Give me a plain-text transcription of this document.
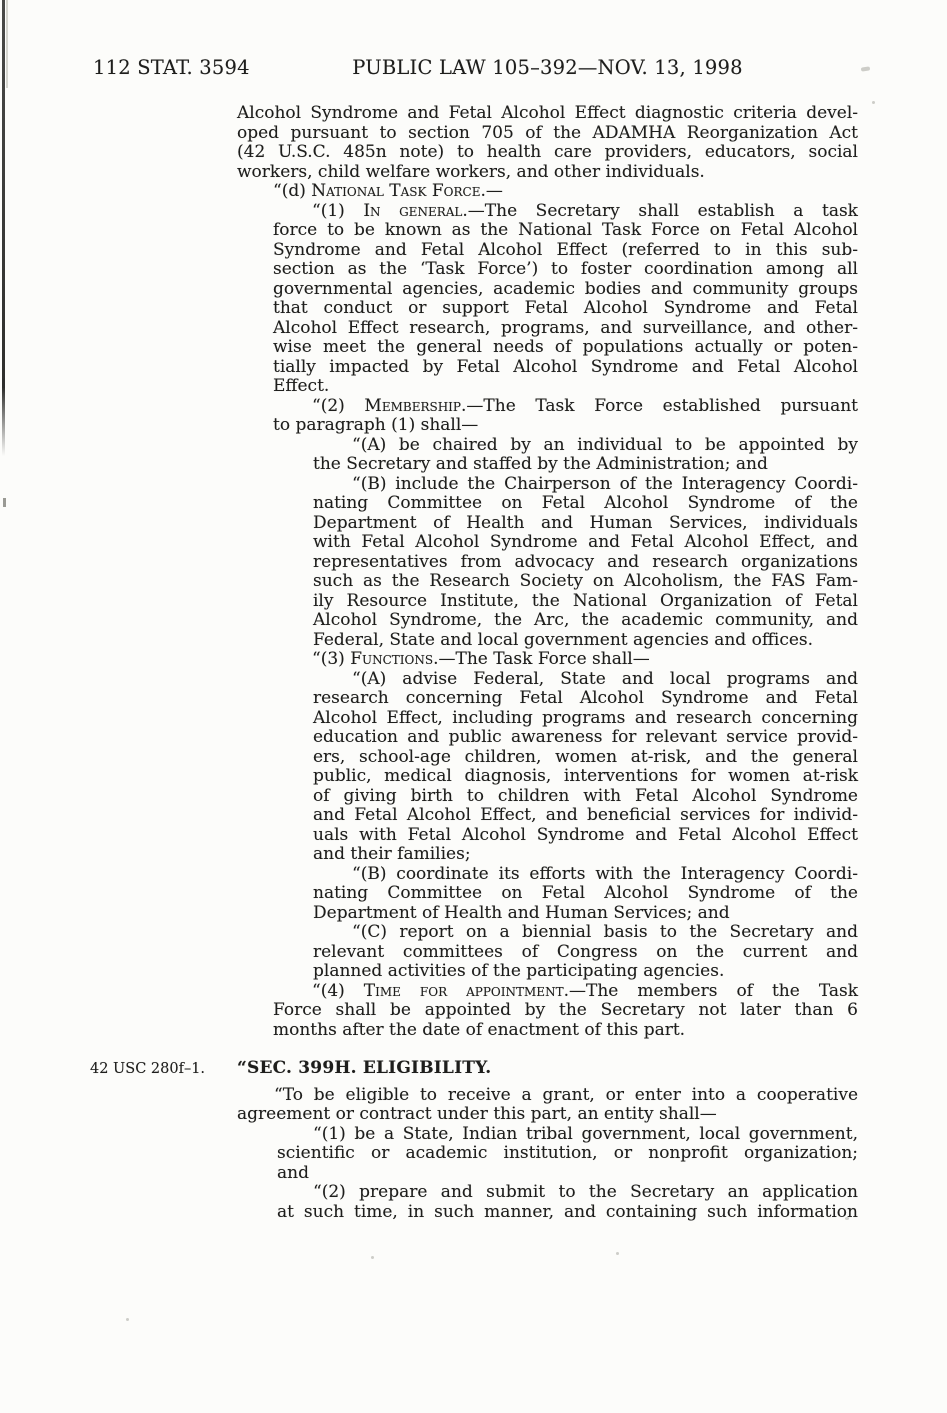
112 STAT. 3594	PUBLIC LAW 105–392—NOV. 13, 1998
Alcohol Syndrome and Fetal Alcohol Effect diagnostic criteria devel-
oped pursuant to section 705 of the ADAMHA Reorganization Act
(42 U.S.C. 485n note) to health care providers, educators, social
workers, child welfare workers, and other individuals.
“(d) National Task Force.—
“(1) In general.—The Secretary shall establish a task
force to be known as the National Task Force on Fetal Alcohol
Syndrome and Fetal Alcohol Effect (referred to in this sub-
section as the ‘Task Force’) to foster coordination among all
governmental agencies, academic bodies and community groups
that conduct or support Fetal Alcohol Syndrome and Fetal
Alcohol Effect research, programs, and surveillance, and other-
wise meet the general needs of populations actually or poten-
tially impacted by Fetal Alcohol Syndrome and Fetal Alcohol
Effect.
“(2) Membership.—The Task Force established pursuant
to paragraph (1) shall—
“(A) be chaired by an individual to be appointed by
the Secretary and staffed by the Administration; and
“(B) include the Chairperson of the Interagency Coordi-
nating Committee on Fetal Alcohol Syndrome of the
Department of Health and Human Services, individuals
with Fetal Alcohol Syndrome and Fetal Alcohol Effect, and
representatives from advocacy and research organizations
such as the Research Society on Alcoholism, the FAS Fam-
ily Resource Institute, the National Organization of Fetal
Alcohol Syndrome, the Arc, the academic community, and
Federal, State and local government agencies and offices.
“(3) Functions.—The Task Force shall—
“(A) advise Federal, State and local programs and
research concerning Fetal Alcohol Syndrome and Fetal
Alcohol Effect, including programs and research concerning
education and public awareness for relevant service provid-
ers, school-age children, women at-risk, and the general
public, medical diagnosis, interventions for women at-risk
of giving birth to children with Fetal Alcohol Syndrome
and Fetal Alcohol Effect, and beneficial services for individ-
uals with Fetal Alcohol Syndrome and Fetal Alcohol Effect
and their families;
“(B) coordinate its efforts with the Interagency Coordi-
nating Committee on Fetal Alcohol Syndrome of the
Department of Health and Human Services; and
“(C) report on a biennial basis to the Secretary and
relevant committees of Congress on the current and
planned activities of the participating agencies.
“(4) Time for appointment.—The members of the Task
Force shall be appointed by the Secretary not later than 6
months after the date of enactment of this part.
“SEC. 399H. ELIGIBILITY.
42 USC 280f–1.
“To be eligible to receive a grant, or enter into a cooperative
agreement or contract under this part, an entity shall—
“(1) be a State, Indian tribal government, local government,
scientific or academic institution, or nonprofit organization;
and
“(2) prepare and submit to the Secretary an application
at such time, in such manner, and containing such information
